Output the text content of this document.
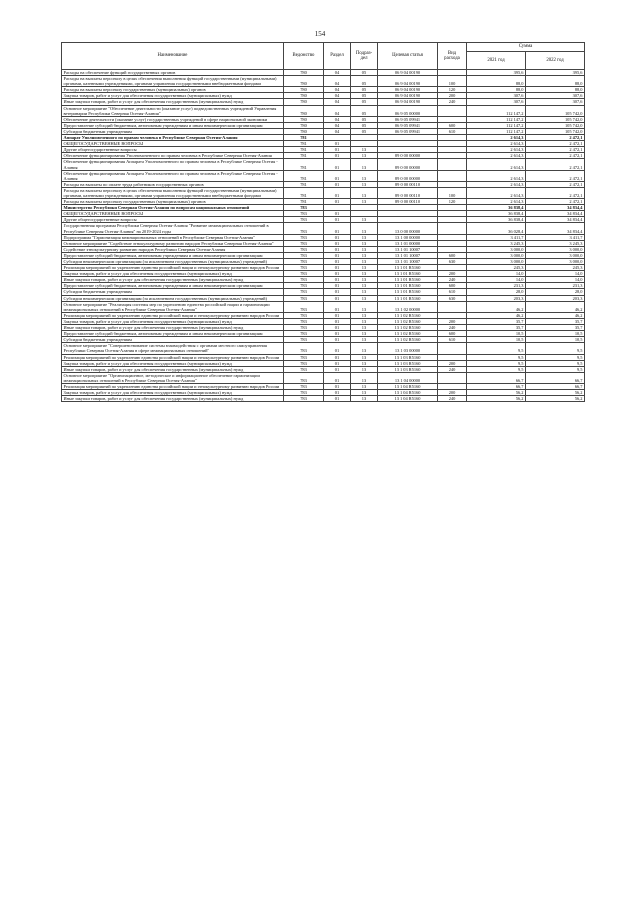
154
Наименование	Ведомство	Раздел	Подраз-дел	Целевая статья	Вид расхода	Сумма	
						2021 год	2022 год
Расходы на обеспечение функций государственных органов	780	04	05	06 9 04 00190		395,6	395,6
Расходы на выплаты персоналу в целях обеспечения выполнения функций государственными (муниципальными) органами, казенными учреждениями, органами управления государственными внебюджетными фондами	780	04	05	06 9 04 00190	100	88,0	88,0
Расходы на выплаты персоналу государственных (муниципальных) органов	780	04	05	06 9 04 00190	120	88,0	88,0
Закупка товаров, работ и услуг для обеспечения государственных (муниципальных) нужд	780	04	05	06 9 04 00190	200	307,6	307,6
Иные закупки товаров, работ и услуг для обеспечения государственных (муниципальных) нужд	780	04	05	06 9 04 00190	240	307,6	307,6
Основное мероприятие "Обеспечение деятельности (оказание услуг) подведомственных учреждений Управления ветеринарии Республики Северная Осетия-Алания"	780	04	05	06 9 05 00000		112 147,2	105 742,0
Обеспечение деятельности (оказание услуг) государственных учреждений в сфере национальной экономики	780	04	05	06 9 05 09941		112 147,2	105 742,0
Предоставление субсидий бюджетным, автономным учреждениям и иным некоммерческим организациям	780	04	05	06 9 05 09941	600	112 147,2	105 742,0
Субсидии бюджетным учреждениям	780	04	05	06 9 05 09941	610	112 147,2	105 742,0
Аппарат Уполномоченного по правам человека в Республике Северная Осетия-Алания	781					2 614,3	2 472,1
ОБЩЕГОСУДАРСТВЕННЫЕ ВОПРОСЫ	781	01				2 614,3	2 472,1
Другие общегосударственные вопросы	781	01	13			2 614,3	2 472,1
Обеспечение функционирования Уполномоченного по правам человека в Республике Северная Осетия-Алания	781	01	13	89 0 00 00000		2 614,3	2 472,1
Обеспечение функционирования Аппарата Уполномоченного по правам человека в Республике Северная Осетия - Алания	781	01	13	89 0 00 00000		2 614,3	2 472,1
Обеспечение функционирования Аппарата Уполномоченного по правам человека в Республике Северная Осетия - Алания	781	01	13	89 0 00 00000		2 614,3	2 472,1
Расходы на выплаты по оплате труда работников государственных органов	781	01	13	89 0 00 00110		2 614,3	2 472,1
Расходы на выплаты персоналу в целях обеспечения выполнения функций государственными (муниципальными) органами, казенными учреждениями, органами управления государственными внебюджетными фондами	781	01	13	89 0 00 00110	100	2 614,3	2 472,1
Расходы на выплаты персоналу государственных (муниципальных) органов	781	01	13	89 0 00 00110	120	2 614,3	2 472,1
Министерство Республики Северная Осетия-Алания по вопросам национальных отношений	783					36 838,4	34 834,4
ОБЩЕГОСУДАРСТВЕННЫЕ ВОПРОСЫ	783	01				36 838,4	34 834,4
Другие общегосударственные вопросы	783	01	13			36 838,4	34 834,4
Государственная программа Республики Северная Осетия-Алания "Развитие межнациональных отношений в Республике Северная Осетия-Алания" на 2019-2024 годы	783	01	13	13 0 00 00000		36 028,4	34 834,4
Подпрограмма "Гармонизация межнациональных отношений в Республике Северная Осетия-Алания"	783	01	13	13 1 00 00000		3 411,7	3 411,7
Основное мероприятие "Содействие этнокультурному развитию народов Республики Северная Осетия-Алания"	783	01	13	13 1 01 00000		3 245,3	3 245,3
Содействие этнокультурному развитию народов Республики Северная Осетия-Алания	783	01	13	13 1 01 10007		3 000,0	3 000,0
Предоставление субсидий бюджетным, автономным учреждениям и иным некоммерческим организациям	783	01	13	13 1 01 10007	600	3 000,0	3 000,0
Субсидии некоммерческим организациям (за исключением государственных (муниципальных) учреждений)	783	01	13	13 1 01 10007	630	3 000,0	3 000,0
Реализация мероприятий по укреплению единства российской нации и этнокультурному развитию народов России	783	01	13	13 1 01 R5160		245,3	245,3
Закупка товаров, работ и услуг для обеспечения государственных (муниципальных) нужд	783	01	13	13 1 01 R5160	200	14,0	14,0
Иные закупки товаров, работ и услуг для обеспечения государственных (муниципальных) нужд	783	01	13	13 1 01 R5160	240	14,0	14,0
Предоставление субсидий бюджетным, автономным учреждениям и иным некоммерческим организациям	783	01	13	13 1 01 R5160	600	231,3	231,3
Субсидии бюджетным учреждениям	783	01	13	13 1 01 R5160	610	28,0	28,0
Субсидии некоммерческим организациям (за исключением государственных (муниципальных) учреждений)	783	01	13	13 1 01 R5160	630	203,3	203,3
Основное мероприятие "Реализация системы мер по укреплению единства российской нации и гармонизации межнациональных отношений в Республике Северная Осетия-Алания"	783	01	13	13 1 02 00000		46,2	46,2
Реализация мероприятий по укреплению единства российской нации и этнокультурному развитию народов России	783	01	13	13 1 02 R5160		46,2	46,2
Закупка товаров, работ и услуг для обеспечения государственных (муниципальных) нужд	783	01	13	13 1 02 R5160	200	35,7	35,7
Иные закупки товаров, работ и услуг для обеспечения государственных (муниципальных) нужд	783	01	13	13 1 02 R5160	240	35,7	35,7
Предоставление субсидий бюджетным, автономным учреждениям и иным некоммерческим организациям	783	01	13	13 1 02 R5160	600	10,5	10,5
Субсидии бюджетным учреждениям	783	01	13	13 1 02 R5160	610	10,5	10,5
Основное мероприятие "Совершенствование системы взаимодействия с органами местного самоуправления Республики Северная Осетия-Алания в сфере межнациональных отношений"	783	01	13	13 1 03 00000		9,5	9,5
Реализация мероприятий по укреплению единства российской нации и этнокультурному развитию народов России	783	01	13	13 1 03 R5160		9,5	9,5
Закупка товаров, работ и услуг для обеспечения государственных (муниципальных) нужд	783	01	13	13 1 03 R5160	200	9,5	9,5
Иные закупки товаров, работ и услуг для обеспечения государственных (муниципальных) нужд	783	01	13	13 1 03 R5160	240	9,5	9,5
Основное мероприятие "Организационное, методическое и информационное обеспечение гармонизации межнациональных отношений в Республике Северная Осетия-Алания"	783	01	13	13 1 04 00000		66,7	66,7
Реализация мероприятий по укреплению единства российской нации и этнокультурному развитию народов России	783	01	13	13 1 04 R5160		66,7	66,7
Закупка товаров, работ и услуг для обеспечения государственных (муниципальных) нужд	783	01	13	13 1 04 R5160	200	56,2	56,2
Иные закупки товаров, работ и услуг для обеспечения государственных (муниципальных) нужд	783	01	13	13 1 04 R5160	240	56,2	56,2
